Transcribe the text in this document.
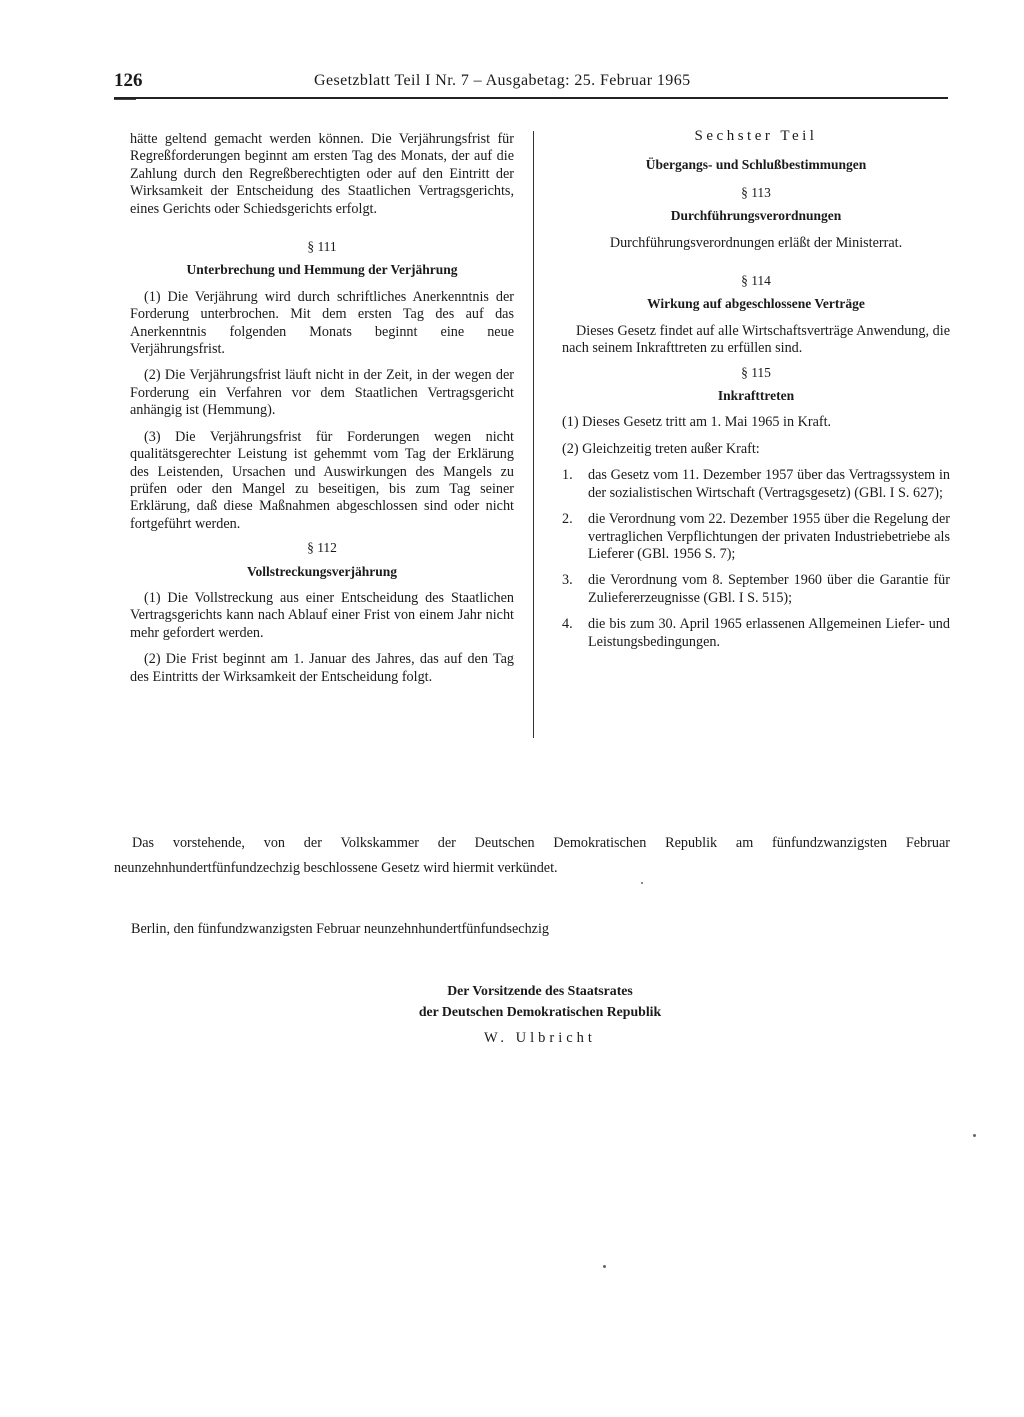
126	Gesetzblatt Teil I Nr. 7 – Ausgabetag: 25. Februar 1965

hätte geltend gemacht werden können. Die Verjährungsfrist für Regreßforderungen beginnt am ersten Tag des Monats, der auf die Zahlung durch den Regreßberechtigten oder auf den Eintritt der Wirksamkeit der Entscheidung des Staatlichen Vertragsgerichts, eines Gerichts oder Schiedsgerichts erfolgt.

§ 111

Unterbrechung und Hemmung der Verjährung

(1) Die Verjährung wird durch schriftliches Anerkenntnis der Forderung unterbrochen. Mit dem ersten Tag des auf das Anerkenntnis folgenden Monats beginnt eine neue Verjährungsfrist.

(2) Die Verjährungsfrist läuft nicht in der Zeit, in der wegen der Forderung ein Verfahren vor dem Staatlichen Vertragsgericht anhängig ist (Hemmung).

(3) Die Verjährungsfrist für Forderungen wegen nicht qualitätsgerechter Leistung ist gehemmt vom Tag der Erklärung des Leistenden, Ursachen und Auswirkungen des Mangels zu prüfen oder den Mangel zu beseitigen, bis zum Tag seiner Erklärung, daß diese Maßnahmen abgeschlossen sind oder nicht fortgeführt werden.

§ 112

Vollstreckungsverjährung

(1) Die Vollstreckung aus einer Entscheidung des Staatlichen Vertragsgerichts kann nach Ablauf einer Frist von einem Jahr nicht mehr gefordert werden.

(2) Die Frist beginnt am 1. Januar des Jahres, das auf den Tag des Eintritts der Wirksamkeit der Entscheidung folgt.

Sechster Teil

Übergangs- und Schlußbestimmungen

§ 113

Durchführungsverordnungen

Durchführungsverordnungen erläßt der Ministerrat.

§ 114

Wirkung auf abgeschlossene Verträge

Dieses Gesetz findet auf alle Wirtschaftsverträge Anwendung, die nach seinem Inkrafttreten zu erfüllen sind.

§ 115

Inkrafttreten

(1) Dieses Gesetz tritt am 1. Mai 1965 in Kraft.

(2) Gleichzeitig treten außer Kraft:

1. das Gesetz vom 11. Dezember 1957 über das Vertragssystem in der sozialistischen Wirtschaft (Vertragsgesetz) (GBl. I S. 627);
2. die Verordnung vom 22. Dezember 1955 über die Regelung der vertraglichen Verpflichtungen der privaten Industriebetriebe als Lieferer (GBl. 1956 S. 7);
3. die Verordnung vom 8. September 1960 über die Garantie für Zuliefererzeugnisse (GBl. I S. 515);
4. die bis zum 30. April 1965 erlassenen Allgemeinen Liefer- und Leistungsbedingungen.
Das vorstehende, von der Volkskammer der Deutschen Demokratischen Republik am fünfundzwanzigsten Februar neunzehnhundertfünfundzechzig beschlossene Gesetz wird hiermit verkündet.
Berlin, den fünfundzwanzigsten Februar neunzehnhundertfünfundsechzig
Der Vorsitzende des Staatsrates
der Deutschen Demokratischen Republik
W. Ulbricht
